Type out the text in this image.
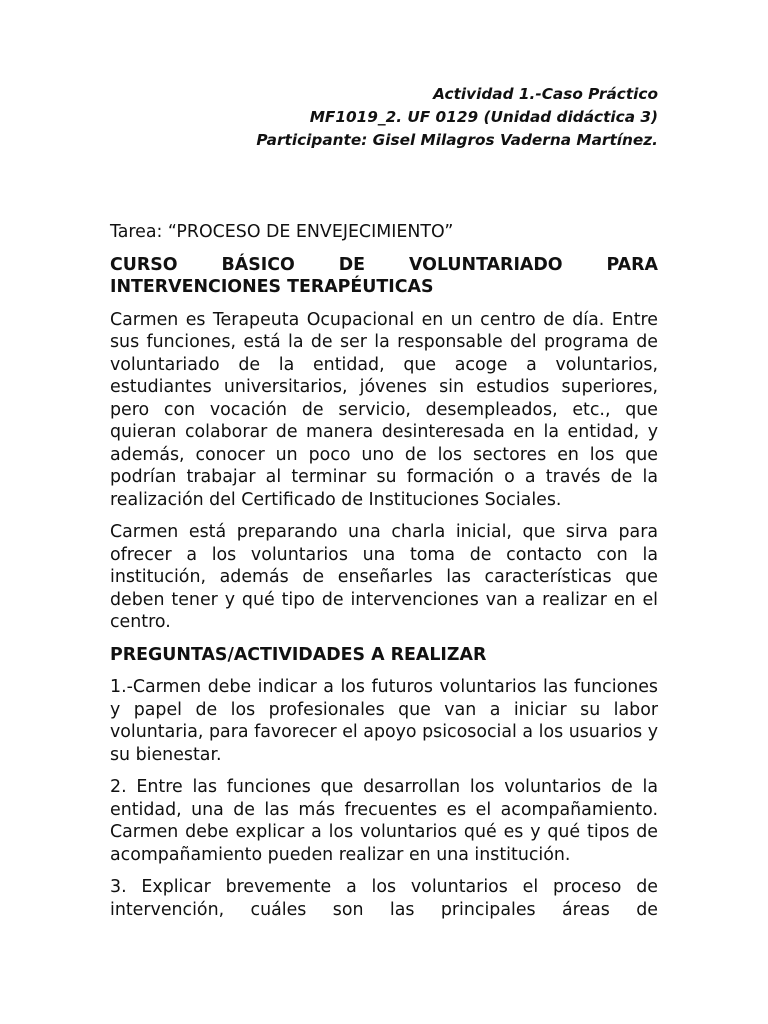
Actividad 1.-Caso Práctico
MF1019_2. UF 0129 (Unidad didáctica 3)
Participante: Gisel Milagros Vaderna Martínez.

Tarea: “PROCESO DE ENVEJECIMIENTO”

CURSO BÁSICO DE VOLUNTARIADO PARA INTERVENCIONES TERAPÉUTICAS

Carmen es Terapeuta Ocupacional en un centro de día. Entre sus funciones, está la de ser la responsable del programa de voluntariado de la entidad, que acoge a voluntarios, estudiantes universitarios, jóvenes sin estudios superiores, pero con vocación de servicio, desempleados, etc., que quieran colaborar de manera desinteresada en la entidad, y además, conocer un poco uno de los sectores en los que podrían trabajar al terminar su formación o a través de la realización del Certificado de Instituciones Sociales.

Carmen está preparando una charla inicial, que sirva para ofrecer a los voluntarios una toma de contacto con la institución, además de enseñarles las características que deben tener y qué tipo de intervenciones van a realizar en el centro.

PREGUNTAS/ACTIVIDADES A REALIZAR

1.-Carmen debe indicar a los futuros voluntarios las funciones y papel de los profesionales que van a iniciar su labor voluntaria, para favorecer el apoyo psicosocial a los usuarios y su bienestar.

2. Entre las funciones que desarrollan los voluntarios de la entidad, una de las más frecuentes es el acompañamiento. Carmen debe explicar a los voluntarios qué es y qué tipos de acompañamiento pueden realizar en una institución.

3. Explicar brevemente a los voluntarios el proceso de intervención, cuáles son las principales áreas de
